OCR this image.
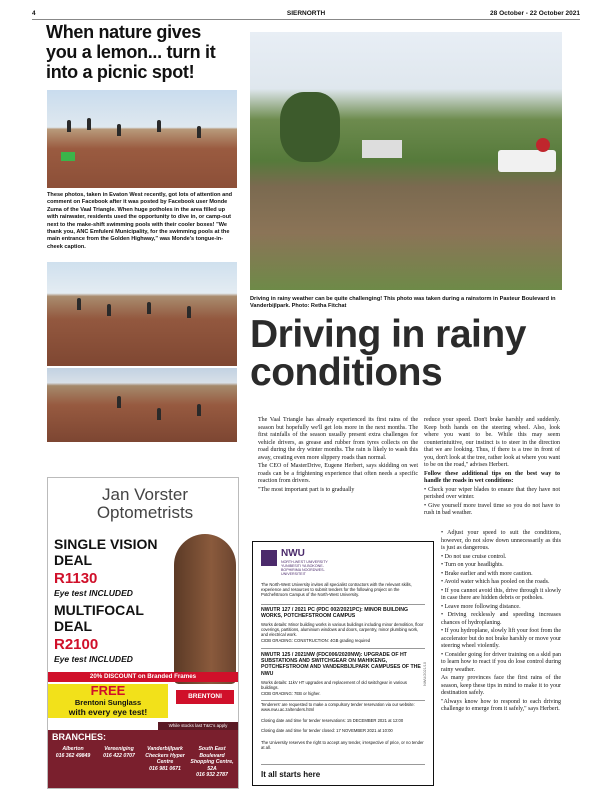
4	SIERNORTH	28 October - 22 October 2021
When nature gives you a lemon... turn it into a picnic spot!
These photos, taken in Evaton West recently, got lots of attention and comment on Facebook after it was posted by Facebook user Monde Zuma of the Vaal Triangle. When huge potholes in the area filled up with rainwater, residents used the opportunity to dive in, or camp-out next to the make-shift swimming pools with their cooler boxes! "We thank you, ANC Emfuleni Municipality, for the swimming pools at the main entrance from the Golden Highway," was Monde's tongue-in-cheek caption.
Driving in rainy weather can be quite challenging! This photo was taken during a rainstorm in Pasteur Boulevard in Vanderbijlpark. Photo: Retha Fitchat
Driving in rainy conditions

The Vaal Triangle has already experienced its first rains of the season but hopefully we'll get lots more in the next months. The first rainfalls of the season usually present extra challenges for vehicle drivers, as grease and rubber from tyres collects on the road during the dry winter months. The rain is likely to wash this away, creating even more slippery roads than normal.

The CEO of MasterDrive, Eugene Herbert, says skidding on wet roads can be a frightening experience that often needs a specific reaction from drivers.

"The most important part is to gradually

reduce your speed. Don't brake harshly and suddenly. Keep both hands on the steering wheel. Also, look where you want to be. While this may seem counterintuitive, our instinct is to steer in the direction that we are looking. Thus, if there is a tree in front of you, don't look at the tree, rather look at where you want to be on the road," advises Herbert.

Follow these additional tips on the best way to handle the roads in wet conditions:

• Check your wiper blades to ensure that they have not perished over winter.

• Give yourself more travel time so you do not have to rush in bad weather.

• Adjust your speed to suit the conditions, however, do not slow down unnecessarily as this is just as dangerous.

• Do not use cruise control.

• Turn on your headlights.

• Brake earlier and with more caution.

• Avoid water which has pooled on the roads.

• If you cannot avoid this, drive through it slowly in case there are hidden debris or potholes.

• Leave more following distance.

• Driving recklessly and speeding increases chances of hydroplaning.

• If you hydroplane, slowly lift your foot from the accelerator but do not brake harshly or move your steering wheel violently.

• Consider going for driver training on a skid pan to learn how to react if you do lose control during rainy weather.

As many provinces face the first rains of the season, keep these tips in mind to make it to your destination safely.

"Always know how to respond to each driving challenge to emerge from it safely," says Herbert.

Jan Vorster Optometrists
SINGLE VISION DEAL
R1130
Eye test INCLUDED
MULTIFOCAL DEAL
R2100
Eye test INCLUDED
20% DISCOUNT on Branded Frames
FREE
Brentoni Sunglass
with every eye test!
BRENTONI
While stocks last T&C's apply
BRANCHES:
Alberton
016 362 49849
Vereeniging
016 422 0707
Vanderbijlpark Checkers Hyper Centre
016 981 0671
South East Boulevard Shopping Centre, 52A
016 932 2787
NWU
NORTH-WEST UNIVERSITY YUNIBESITI YA BOKONE-BOPHIRIMA NOORDWES-UNIVERSITEIT
The North-West University invites all specialist contractors with the relevant skills, experience and resources to submit tenders for the following project on the Potchefstroom Campus of the North-West University.
NWUTR 127 / 2021 PC (PDC 002/2021PC): MINOR BUILDING WORKS, POTCHEFSTROOM CAMPUS
Works details: Minor building works in various buildings including minor demolition, floor coverings, partitions, aluminium windows and doors, carpentry, minor plumbing work, and electrical work.
CIDB GRADING: CONSTRUCTION: 4GB grading required
NWUTR 125 / 2021NW (FDC006/2020NW): UPGRADE OF HT SUBSTATIONS AND SWITCHGEAR ON MAHIKENG, POTCHEFSTROOM AND VANDERBIJLPARK CAMPUSES OF THE NWU
Works details: 11kV HT upgrades and replacement of old switchgear in various buildings.
CIDB GRADING: 7EB or higher.
Tenderers' are requested to make a compulsory tender reservation via our website: www.nwu.ac.za/tenders.html
Closing date and time for tender reservations: 15 DECEMBER 2021 at 12:00
Closing date and time for tender closed: 17 NOVEMBER 2021 at 10:00
The University reserves the right to accept any tender, irrespective of price, or no tender at all.
NWU/2021/10
It all starts here
